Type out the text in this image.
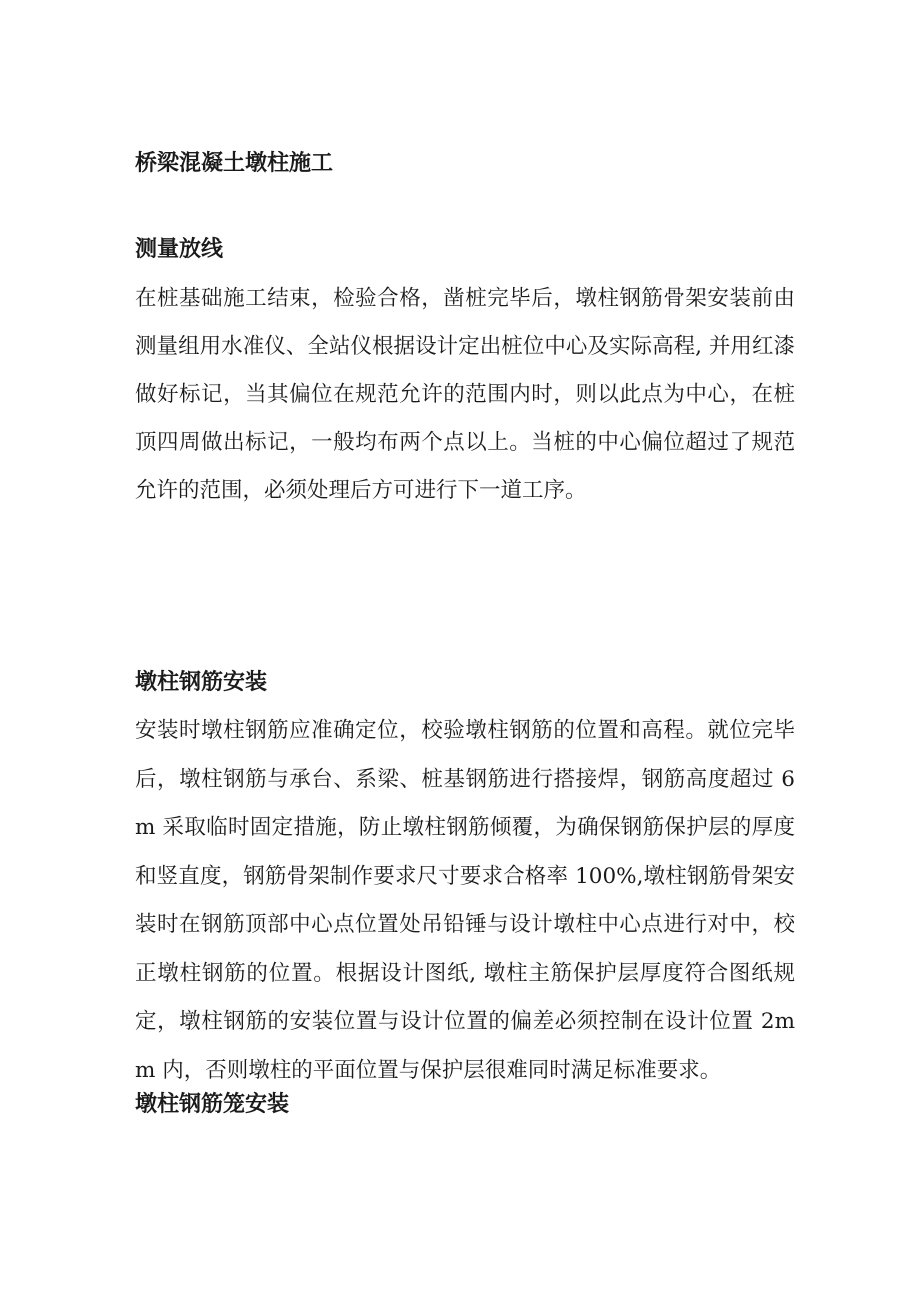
桥梁混凝土墩柱施工
测量放线

在桩基础施工结束，检验合格，凿桩完毕后，墩柱钢筋骨架安装前由测量组用水准仪、全站仪根据设计定出桩位中心及实际高程, 并用红漆做好标记，当其偏位在规范允许的范围内时，则以此点为中心，在桩顶四周做出标记，一般均布两个点以上。当桩的中心偏位超过了规范允许的范围，必须处理后方可进行下一道工序。

墩柱钢筋安装

安装时墩柱钢筋应准确定位，校验墩柱钢筋的位置和高程。就位完毕后，墩柱钢筋与承台、系梁、桩基钢筋进行搭接焊，钢筋高度超过 6m 采取临时固定措施，防止墩柱钢筋倾覆，为确保钢筋保护层的厚度和竖直度，钢筋骨架制作要求尺寸要求合格率 100%,墩柱钢筋骨架安装时在钢筋顶部中心点位置处吊铅锤与设计墩柱中心点进行对中，校正墩柱钢筋的位置。根据设计图纸, 墩柱主筋保护层厚度符合图纸规定，墩柱钢筋的安装位置与设计位置的偏差必须控制在设计位置 2mm 内，否则墩柱的平面位置与保护层很难同时满足标准要求。

墩柱钢筋笼安装
